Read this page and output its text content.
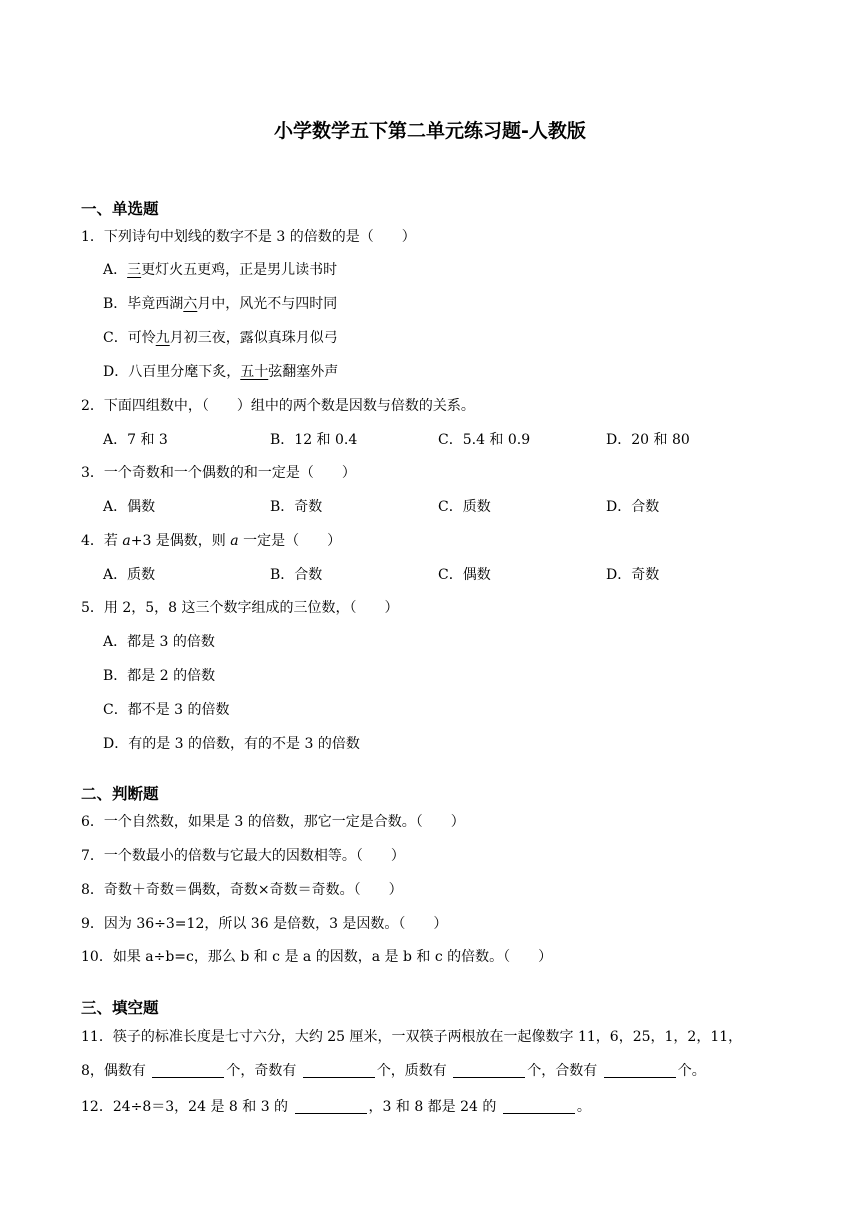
小学数学五下第二单元练习题-人教版
一、单选题
1．下列诗句中划线的数字不是 3 的倍数的是（　　）
A．三更灯火五更鸡，正是男儿读书时
B．毕竟西湖六月中，风光不与四时同
C．可怜九月初三夜，露似真珠月似弓
D．八百里分麾下炙，五十弦翻塞外声
2．下面四组数中，（　　）组中的两个数是因数与倍数的关系。
A．7 和 3	B．12 和 0.4	C．5.4 和 0.9	D．20 和 80
3．一个奇数和一个偶数的和一定是（　　）
A．偶数	B．奇数	C．质数	D．合数
4．若 a+3 是偶数，则 a 一定是（　　）
A．质数	B．合数	C．偶数	D．奇数
5．用 2，5，8 这三个数字组成的三位数，（　　）
A．都是 3 的倍数
B．都是 2 的倍数
C．都不是 3 的倍数
D．有的是 3 的倍数，有的不是 3 的倍数
二、判断题
6．一个自然数，如果是 3 的倍数，那它一定是合数。（　　）
7．一个数最小的倍数与它最大的因数相等。（　　）
8．奇数＋奇数＝偶数，奇数×奇数＝奇数。（　　）
9．因为 36÷3=12，所以 36 是倍数，3 是因数。（　　）
10．如果 a÷b=c，那么 b 和 c 是 a 的因数，a 是 b 和 c 的倍数。（　　）
三、填空题
11．筷子的标准长度是七寸六分，大约 25 厘米，一双筷子两根放在一起像数字 11，6，25，1，2，11，
8，偶数有	个，奇数有	个，质数有	个，合数有	个。
12．24÷8＝3，24 是 8 和 3 的	，3 和 8 都是 24 的	。
